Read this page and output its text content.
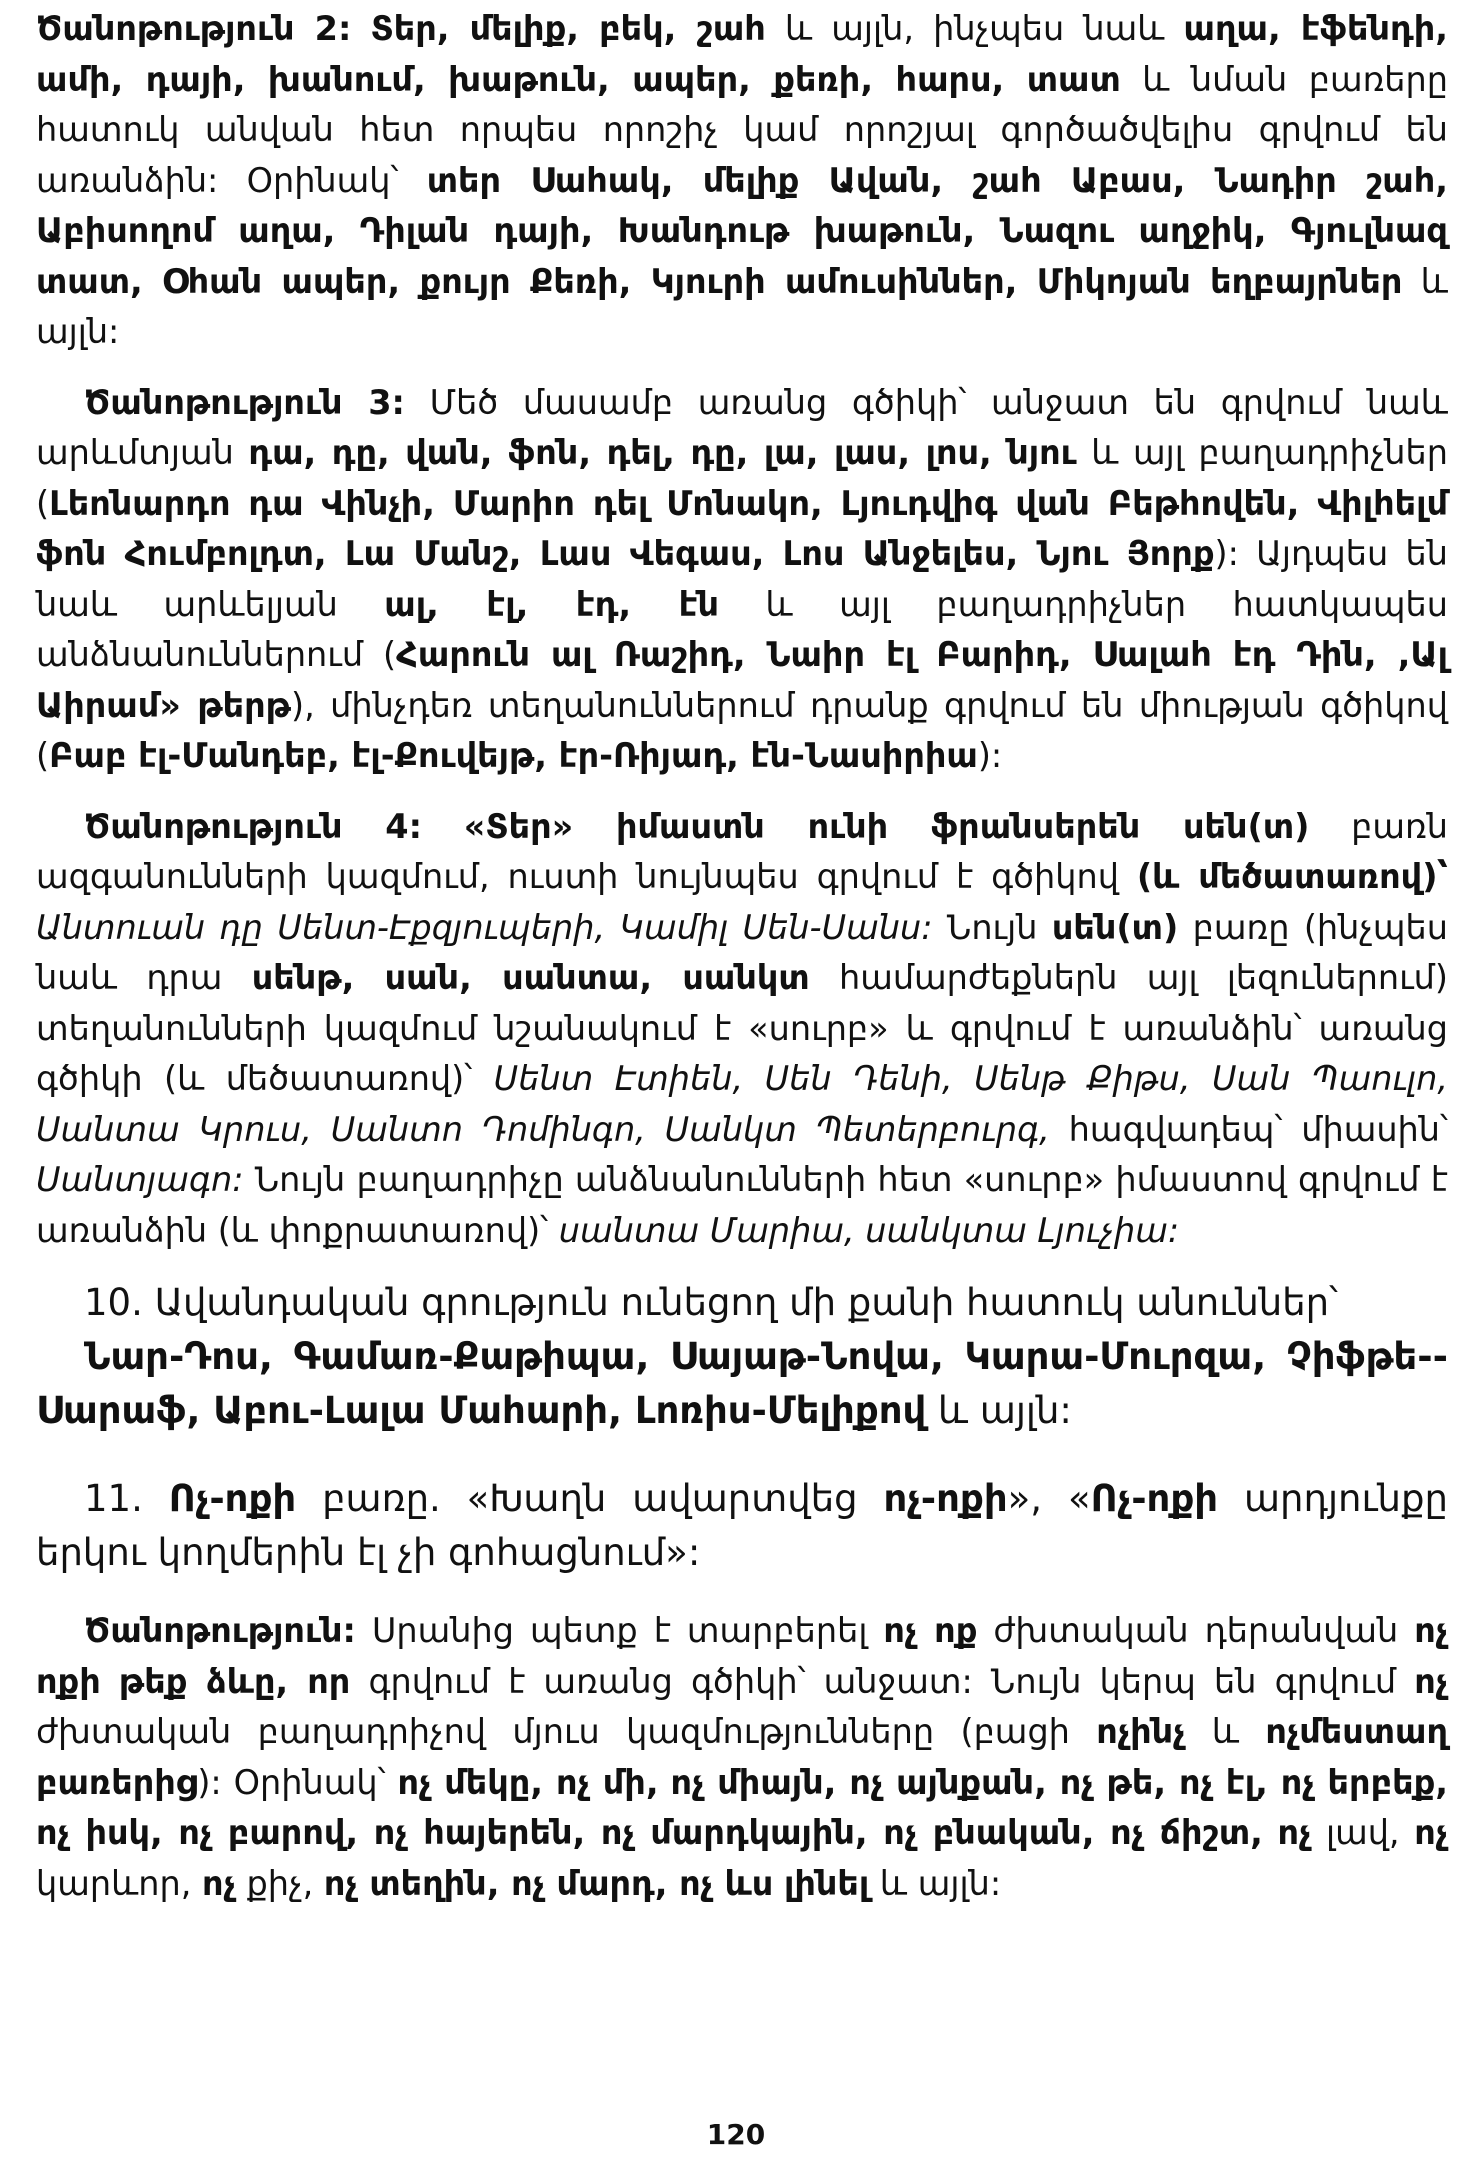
Ծանոթություն 2: Տեր, մելիք, բեկ, շահ և այլն, ինչպես նաև աղա, էֆենդի, ամի, դայի, խանում, խաթուն, ապեր, քեռի, հարս, տատ և նման բառերը հատուկ անվան հետ որպես որոշիչ կամ որոշյալ գործածվելիս գրվում են առանձին: Օրինակ՝ տեր Սահակ, մելիք Ավան, շահ Աբաս, Նադիր շահ, Աբիսողոմ աղա, Դիլան դայի, Խանդութ խաթուն, Նազու աղջիկ, Գյուլնազ տատ, Օհան ապեր, քույր Քեռի, Կյուրի ամուսիններ, Միկոյան եղբայրներ և այլն:

Ծանոթություն 3: Մեծ մասամբ առանց գծիկի՝ անջատ են գրվում նաև արևմտյան դա, դը, վան, ֆոն, դել, դը, լա, լաս, լոս, նյու և այլ բաղադրիչներ (Լեոնարդո դա Վինչի, Մարիո դել Մոնակո, Լյուդվիգ վան Բեթհովեն, Վիլհելմ ֆոն Հումբոլդտ, Լա Մանշ, Լաս Վեգաս, Լոս Անջելես, Նյու Յորք): Այդպես են նաև արևելյան ալ, էլ, էդ, էն և այլ բաղադրիչներ հատկապես անձնանուններում (Հարուն ալ Ռաշիդ, Նաիր էլ Բարիդ, Սալահ էդ Դին, ,Ալ Աիրամ» թերթ), մինչդեռ տեղանուններում դրանք գրվում են միության գծիկով (Բաբ էլ-Մանդեբ, էլ-Քուվեյթ, էր-Ռիյադ, էն-Նասիրիա):

Ծանոթություն 4: «Տեր» իմաստն ունի ֆրանսերեն սեն(տ) բառն ազգանունների կազմում, ուստի նույնպես գրվում է գծիկով (և մեծատառով)՝ Անտուան դը Սենտ-Էքզյուպերի, Կամիլ Սեն-Սանս: Նույն սեն(տ) բառը (ինչպես նաև դրա սենթ, սան, սանտա, սանկտ համարժեքներն այլ լեզուներում) տեղանունների կազմում նշանակում է «սուրբ» և գրվում է առանձին՝ առանց գծիկի (և մեծատառով)՝ Սենտ Էտիեն, Սեն Դենի, Սենթ Քիթս, Սան Պաուլո, Սանտա Կրուս, Սանտո Դոմինգո, Սանկտ Պետերբուրգ, հագվադեպ՝ միասին՝ Սանտյագո: Նույն բաղադրիչը անձնանունների հետ «սուրբ» իմաստով գրվում է առանձին (և փոքրատառով)՝ սանտա Մարիա, սանկտա Լյուչիա:

10. Ավանդական գրություն ունեցող մի քանի հատուկ անուններ՝
Նար-Դոս, Գամառ-Քաթիպա, Սայաթ-Նովա, Կարա-Մուրզա, Չիֆթե--Սարաֆ, Աբու-Լալա Մահարի, Լոռիս-Մելիքով և այլն:

11. Ոչ-ոքի բառը. «Խաղն ավարտվեց ոչ-ոքի», «Ոչ-ոքի արդյունքը երկու կողմերին էլ չի գոհացնում»:

Ծանոթություն: Սրանից պետք է տարբերել ոչ ոք ժխտական դերանվան ոչ ոքի թեք ձևը, որ գրվում է առանց գծիկի՝ անջատ: Նույն կերպ են գրվում ոչ ժխտական բաղադրիչով մյուս կազմությունները (բացի ոչինչ և ոչմեստաղ բառերից): Օրինակ՝ ոչ մեկը, ոչ մի, ոչ միայն, ոչ այնքան, ոչ թե, ոչ էլ, ոչ երբեք, ոչ իսկ, ոչ բարով, ոչ հայերեն, ոչ մարդկային, ոչ բնական, ոչ ճիշտ, ոչ լավ, ոչ կարևոր, ոչ քիչ, ոչ տեղին, ոչ մարդ, ոչ ևս լինել և այլն:

120
